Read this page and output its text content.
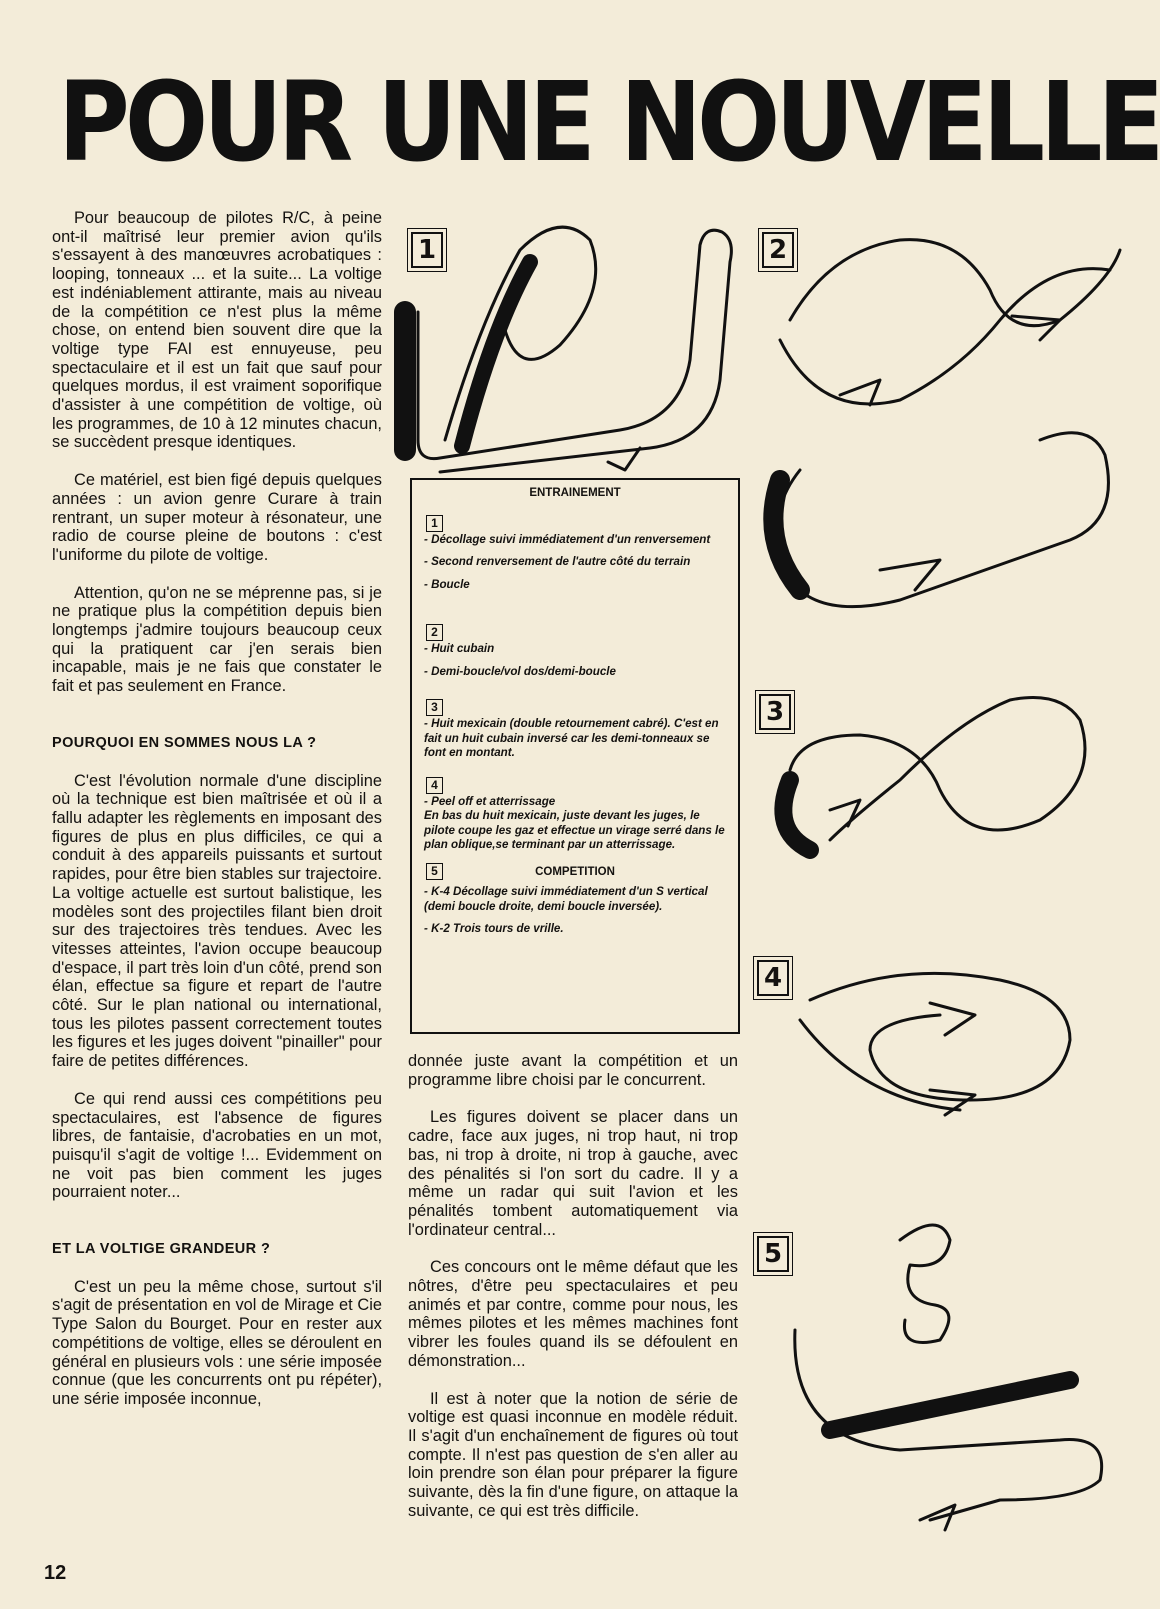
POUR UNE NOUVELLE
1	2
3
4
5

Pour beaucoup de pilotes R/C, à peine ont-il maîtrisé leur premier avion qu'ils s'essayent à des manœuvres acrobatiques : looping, tonneaux ... et la suite... La voltige est indéniablement attirante, mais au niveau de la compétition ce n'est plus la même chose, on entend bien souvent dire que la voltige type FAI est ennuyeuse, peu spectaculaire et il est un fait que sauf pour quelques mordus, il est vraiment soporifique d'assister à une compétition de voltige, où les programmes, de 10 à 12 minutes chacun, se succèdent presque identiques.

Ce matériel, est bien figé depuis quelques années : un avion genre Curare à train rentrant, un super moteur à résonateur, une radio de course pleine de boutons : c'est l'uniforme du pilote de voltige.

Attention, qu'on ne se méprenne pas, si je ne pratique plus la compétition depuis bien longtemps j'admire toujours beaucoup ceux qui la pratiquent car j'en serais bien incapable, mais je ne fais que constater le fait et pas seulement en France.

POURQUOI EN SOMMES NOUS LA ?

C'est l'évolution normale d'une discipline où la technique est bien maîtrisée et où il a fallu adapter les règlements en imposant des figures de plus en plus difficiles, ce qui a conduit à des appareils puissants et surtout rapides, pour être bien stables sur trajectoire. La voltige actuelle est surtout balistique, les modèles sont des projectiles filant bien droit sur des trajectoires très tendues. Avec les vitesses atteintes, l'avion occupe beaucoup d'espace, il part très loin d'un côté, prend son élan, effectue sa figure et repart de l'autre côté. Sur le plan national ou international, tous les pilotes passent correctement toutes les figures et les juges doivent "pinailler" pour faire de petites différences.

Ce qui rend aussi ces compétitions peu spectaculaires, est l'absence de figures libres, de fantaisie, d'acrobaties en un mot, puisqu'il s'agit de voltige !... Evidemment on ne voit pas bien comment les juges pourraient noter...

ET LA VOLTIGE GRANDEUR ?

C'est un peu la même chose, surtout s'il s'agit de présentation en vol de Mirage et Cie Type Salon du Bourget. Pour en rester aux compétitions de voltige, elles se déroulent en général en plusieurs vols : une série imposée connue (que les concurrents ont pu répéter), une série imposée inconnue,

ENTRAINEMENT
1
- Décollage suivi immédiatement d'un renversement
- Second renversement de l'autre côté du terrain
- Boucle
2
- Huit cubain
- Demi-boucle/vol dos/demi-boucle
3
- Huit mexicain (double retournement cabré). C'est en fait un huit cubain inversé car les demi-tonneaux se font en montant.
4
- Peel off et atterrissage
En bas du huit mexicain, juste devant les juges, le pilote coupe les gaz et effectue un virage serré dans le plan oblique,se terminant par un atterrissage.
5	COMPETITION
- K-4 Décollage suivi immédiatement d'un S vertical (demi boucle droite, demi boucle inversée).
- K-2 Trois tours de vrille.

donnée juste avant la compétition et un programme libre choisi par le concurrent.

Les figures doivent se placer dans un cadre, face aux juges, ni trop haut, ni trop bas, ni trop à droite, ni trop à gauche, avec des pénalités si l'on sort du cadre. Il y a même un radar qui suit l'avion et les pénalités tombent automatiquement via l'ordinateur central...

Ces concours ont le même défaut que les nôtres, d'être peu spectaculaires et peu animés et par contre, comme pour nous, les mêmes pilotes et les mêmes machines font vibrer les foules quand ils se défoulent en démonstration...

Il est à noter que la notion de série de voltige est quasi inconnue en modèle réduit. Il s'agit d'un enchaînement de figures où tout compte. Il n'est pas question de s'en aller au loin prendre son élan pour préparer la figure suivante, dès la fin d'une figure, on attaque la suivante, ce qui est très difficile.

12
